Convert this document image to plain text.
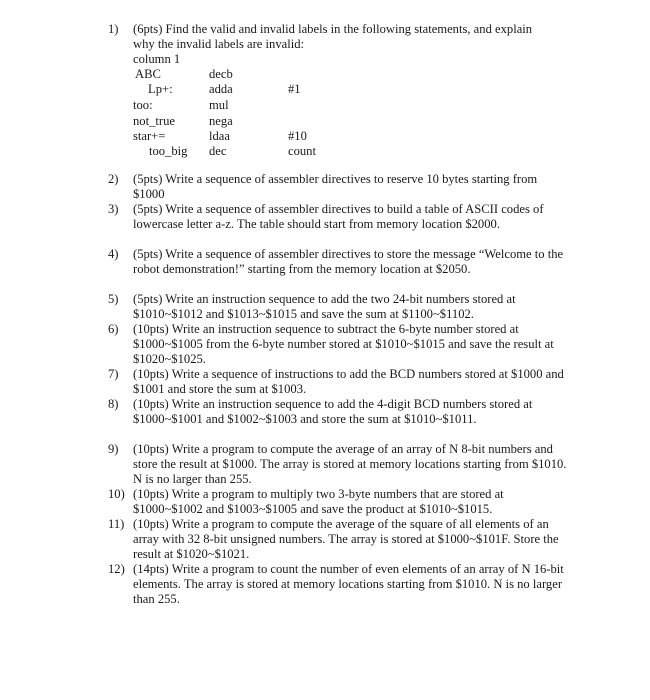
1) (6pts) Find the valid and invalid labels in the following statements, and explain why the invalid labels are invalid:
column 1
ABC	decb
Lp+:	adda	#1
too:	mul
not_true	nega
star+=	ldaa	#10
too_big dec	count
2) (5pts) Write a sequence of assembler directives to reserve 10 bytes starting from $1000
3) (5pts) Write a sequence of assembler directives to build a table of ASCII codes of lowercase letter a-z. The table should start from memory location $2000.
4) (5pts) Write a sequence of assembler directives to store the message “Welcome to the robot demonstration!” starting from the memory location at $2050.
5) (5pts) Write an instruction sequence to add the two 24-bit numbers stored at $1010~$1012 and $1013~$1015 and save the sum at $1100~$1102.
6) (10pts) Write an instruction sequence to subtract the 6-byte number stored at $1000~$1005 from the 6-byte number stored at $1010~$1015 and save the result at $1020~$1025.
7) (10pts) Write a sequence of instructions to add the BCD numbers stored at $1000 and $1001 and store the sum at $1003.
8) (10pts) Write an instruction sequence to add the 4-digit BCD numbers stored at $1000~$1001 and $1002~$1003 and store the sum at $1010~$1011.
9) (10pts) Write a program to compute the average of an array of N 8-bit numbers and store the result at $1000. The array is stored at memory locations starting from $1010. N is no larger than 255.
10) (10pts) Write a program to multiply two 3-byte numbers that are stored at $1000~$1002 and $1003~$1005 and save the product at $1010~$1015.
11) (10pts) Write a program to compute the average of the square of all elements of an array with 32 8-bit unsigned numbers. The array is stored at $1000~$101F. Store the result at $1020~$1021.
12) (14pts) Write a program to count the number of even elements of an array of N 16-bit elements. The array is stored at memory locations starting from $1010. N is no larger than 255.
